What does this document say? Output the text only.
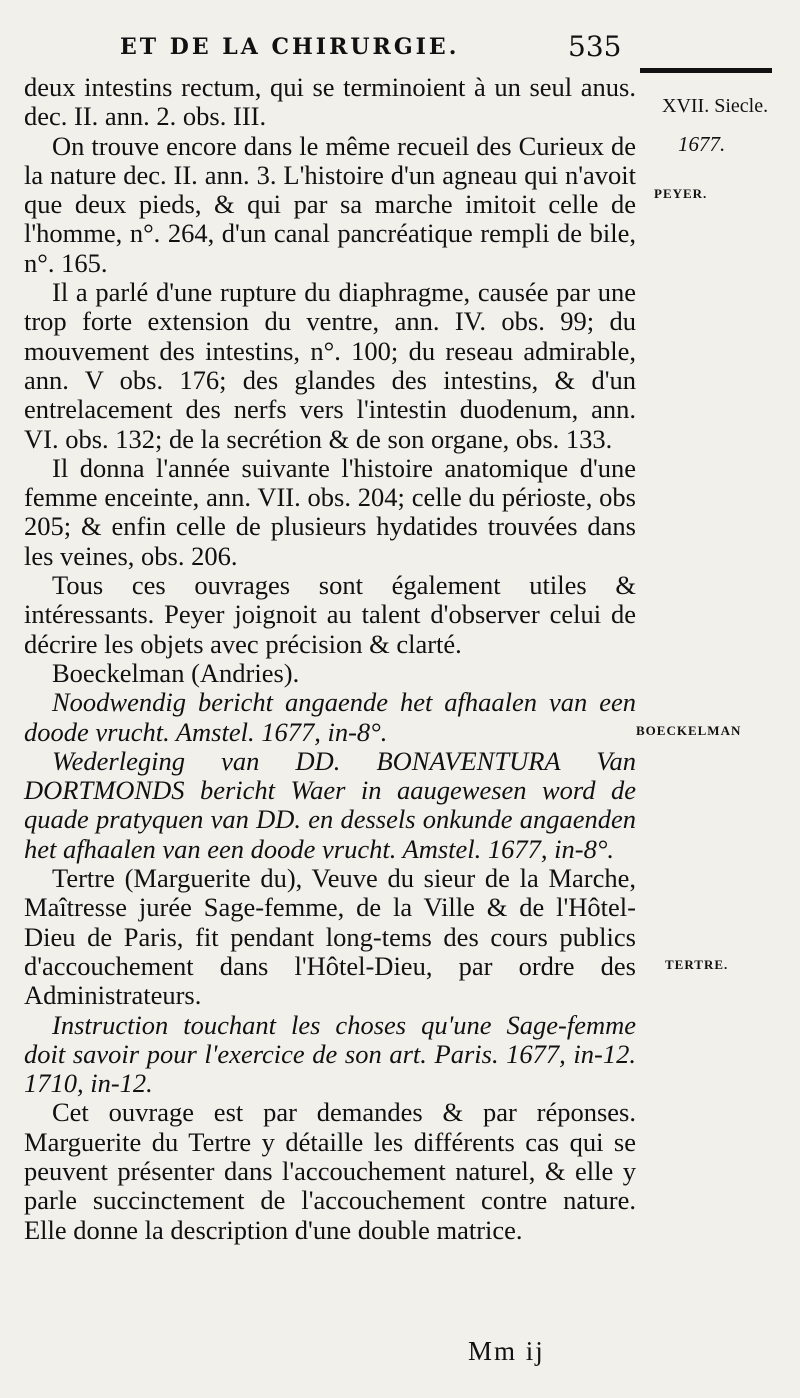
ET DE LA CHIRURGIE.	535
XVII. Siecle.
1677.
PEYER.
BOECKELMAN
TERTRE.

deux intestins rectum, qui se terminoient à un seul anus. dec. II. ann. 2. obs. III.

On trouve encore dans le même recueil des Curieux de la nature dec. II. ann. 3. L'histoire d'un agneau qui n'avoit que deux pieds, & qui par sa marche imitoit celle de l'homme, n°. 264, d'un canal pancréatique rempli de bile, n°. 165.

Il a parlé d'une rupture du diaphragme, causée par une trop forte extension du ventre, ann. IV. obs. 99; du mouvement des intestins, n°. 100; du reseau admirable, ann. V obs. 176; des glandes des intestins, & d'un entrelacement des nerfs vers l'intestin duodenum, ann. VI. obs. 132; de la secrétion & de son organe, obs. 133.

Il donna l'année suivante l'histoire anatomique d'une femme enceinte, ann. VII. obs. 204; celle du périoste, obs 205; & enfin celle de plusieurs hydatides trouvées dans les veines, obs. 206.

Tous ces ouvrages sont également utiles & intéressants. Peyer joignoit au talent d'observer celui de décrire les objets avec précision & clarté.

Boeckelman (Andries).

Noodwendig bericht angaende het afhaalen van een doode vrucht. Amstel. 1677, in-8°.

Wederleging van DD. BONAVENTURA Van DORTMONDS bericht Waer in aaugewesen word de quade pratyquen van DD. en dessels onkunde angaenden het afhaalen van een doode vrucht. Amstel. 1677, in-8°.

Tertre (Marguerite du), Veuve du sieur de la Marche, Maîtresse jurée Sage-femme, de la Ville & de l'Hôtel-Dieu de Paris, fit pendant long-tems des cours publics d'accouchement dans l'Hôtel-Dieu, par ordre des Administrateurs.

Instruction touchant les choses qu'une Sage-femme doit savoir pour l'exercice de son art. Paris. 1677, in-12. 1710, in-12.

Cet ouvrage est par demandes & par réponses. Marguerite du Tertre y détaille les différents cas qui se peuvent présenter dans l'accouchement naturel, & elle y parle succinctement de l'accouchement contre nature. Elle donne la description d'une double matrice.

Mm ij
